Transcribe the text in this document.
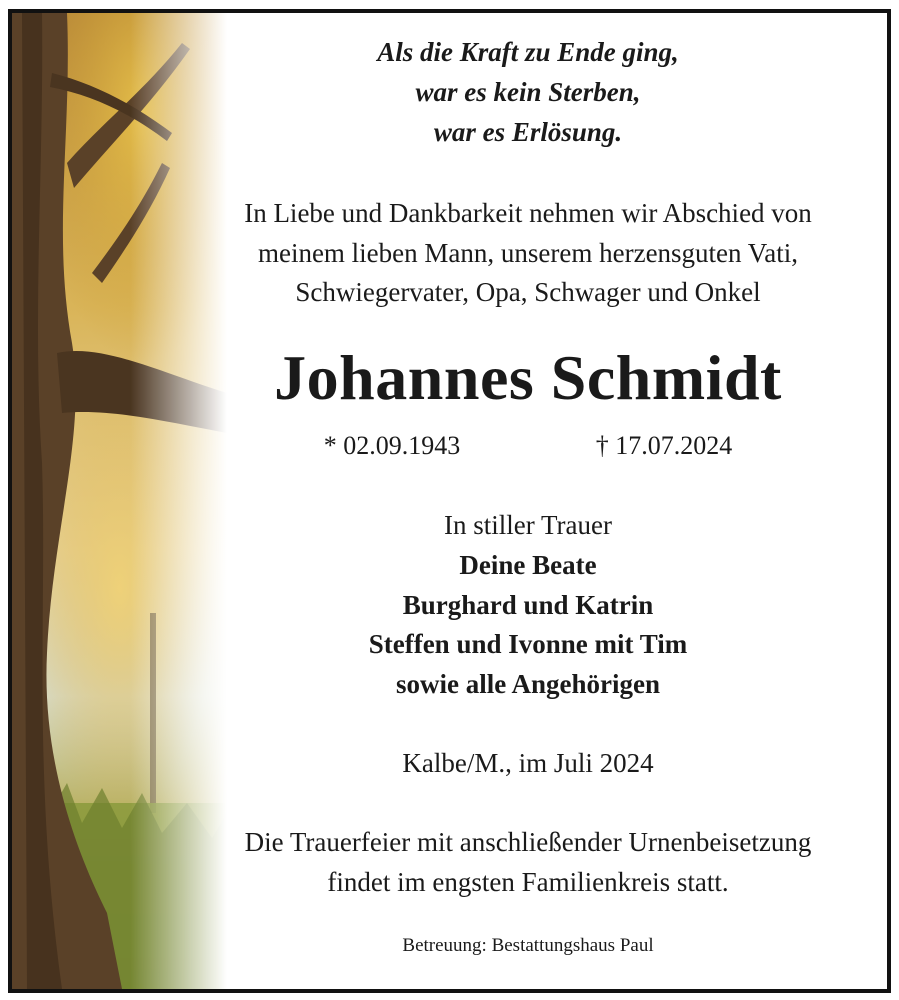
Als die Kraft zu Ende ging,
war es kein Sterben,
war es Erlösung.
In Liebe und Dankbarkeit nehmen wir Abschied von
meinem lieben Mann, unserem herzensguten Vati,
Schwiegervater, Opa, Schwager und Onkel
Johannes Schmidt
* 02.09.1943	† 17.07.2024
In stiller Trauer
Deine Beate
Burghard und Katrin
Steffen und Ivonne mit Tim
sowie alle Angehörigen
Kalbe/M., im Juli 2024
Die Trauerfeier mit anschließender Urnenbeisetzung
findet im engsten Familienkreis statt.
Betreuung: Bestattungshaus Paul
